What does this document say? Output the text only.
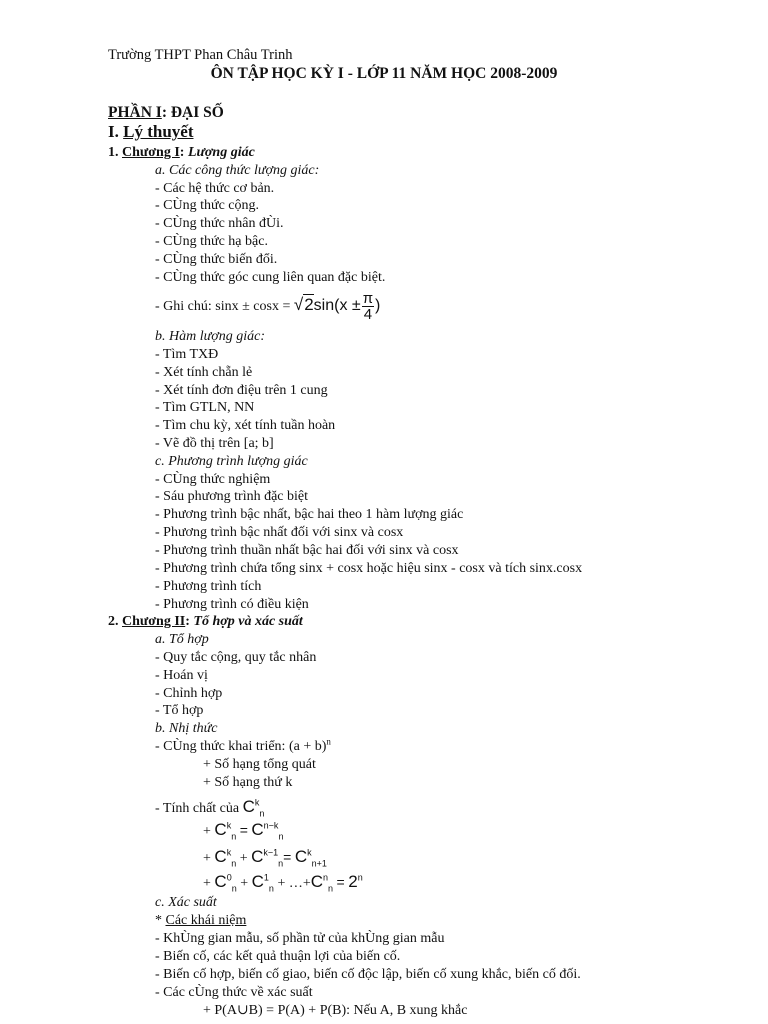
Trường THPT Phan Châu Trinh
ÔN TẬP HỌC KỲ I - LỚP 11 NĂM HỌC 2008-2009
PHẦN I: ĐẠI SỐ
I. Lý thuyết
1. Chương I: Lượng giác
a. Các công thức lượng giác:
- Các hệ thức cơ bản.
- CÙng thức cộng.
- CÙng thức nhân đÙi.
- CÙng thức hạ bậc.
- CÙng thức biến đổi.
- CÙng thức góc cung liên quan đặc biệt.
- Ghi chú: $\sin x \pm \cos x = √2\sin(x \pm \frac{\pi}{4}$ )
b. Hàm lượng giác:
- Tìm TXĐ
- Xét tính chẵn lẻ
- Xét tính đơn điệu trên 1 cung
- Tìm GTLN, NN
- Tìm chu kỳ, xét tính tuần hoàn
- Vẽ đồ thị trên [a; b]
c. Phương trình lượng giác
- CÙng thức nghiệm
- Sáu phương trình đặc biệt
- Phương trình bậc nhất, bậc hai theo 1 hàm lượng giác
- Phương trình bậc nhất đối với sinx và cosx
- Phương trình thuần nhất bậc hai đối với sinx và cosx
- Phương trình chứa tổng sinx + cosx hoặc hiệu sinx - cosx và tích sinx.cosx
- Phương trình tích
- Phương trình có điều kiện
2. Chương II: Tổ hợp và xác suất
a. Tổ hợp
- Quy tắc cộng, quy tắc nhân
- Hoán vị
- Chỉnh hợp
- Tổ hợp
b. Nhị thức
- CÙng thức khai triển: $(a + b)^n$
+ Số hạng tổng quát
+ Số hạng thứ k
- Tính chất của $C^k_n$
+ $C^k_n = C^{n-k}_n$
+ $C^k_n + C^{k-1}_n= C^k_{n+1}$
+ $C^0_n + C^1_n$ + $\dots+C^n_n = 2^n$
c. Xác suất
* Các khái niệm
- KhÙng gian mẫu, số phần tử của khÙng gian mẫu
- Biến cố, các kết quả thuận lợi của biến cố.
- Biến cố hợp, biến cố giao, biến cố độc lập, biến cố xung khắc, biến cố đối.
- Các cÙng thức về xác suất
+ P(A∪B) = P(A) + P(B): Nếu A, B xung khắc
